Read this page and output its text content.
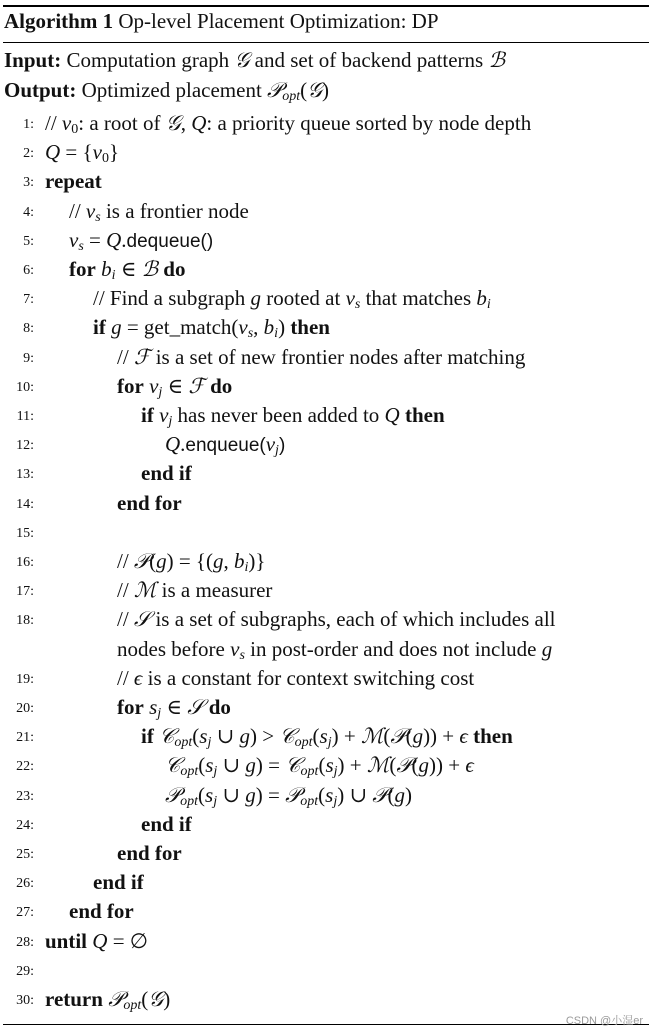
Algorithm 1 Op-level Placement Optimization: DP
Input: Computation graph 𝒢 and set of backend patterns ℬ
Output: Optimized placement 𝒫$_{opt}$(𝒢)
1: // $v_0$: a root of 𝒢, Q: a priority queue sorted by node depth
2: $Q = \{v_0\}$
3: repeat
4: // $v_s$ is a frontier node
5: $v_s$ = Q.dequeue()
6: for $b_i$ ∈ ℬ do
7:	// Find a subgraph g rooted at $v_s$ that matches $b_i$
8:	if $g = get\_match(v_s$, $b_i$) then
9:	// ℱ is a set of new frontier nodes after matching
10:	for $v_j$ ∈ ℱ do
11:	if $v_j$ has never been added to Q then
12:	$Q.enqueue(v_j)$
13:	end if
14:	end for
15:
16:	// 𝒫(g) = {(g, $b_i$)}
17:	// ℳ is a measurer
18:	// 𝒮 is a set of subgraphs, each of which includes all
nodes before $v_s$ in post-order and does not include g
19:	// ϵ is a constant for context switching cost
20:	for $s_j$ ∈ 𝒮 do
21:	if $𝒞_{opt}(s_j$ ∪ $g) > 𝒞_{opt}(s_j)$ + ℳ(𝒫(g)) + ϵ then
22:	$𝒞_{opt}(s_j$ ∪ $g) = 𝒞_{opt}(s_j)$ + ℳ(𝒫(g)) + ϵ
23:	$𝒫_{opt}(s_j$ ∪ $g) = 𝒫_{opt}(s_j)$ ∪ 𝒫(g)
24:	end if
25:	end for
26:	end if
27: end for
28: until Q = ∅
29:
30: return 𝒫$_{opt}$(𝒢)
CSDN @小湿er
